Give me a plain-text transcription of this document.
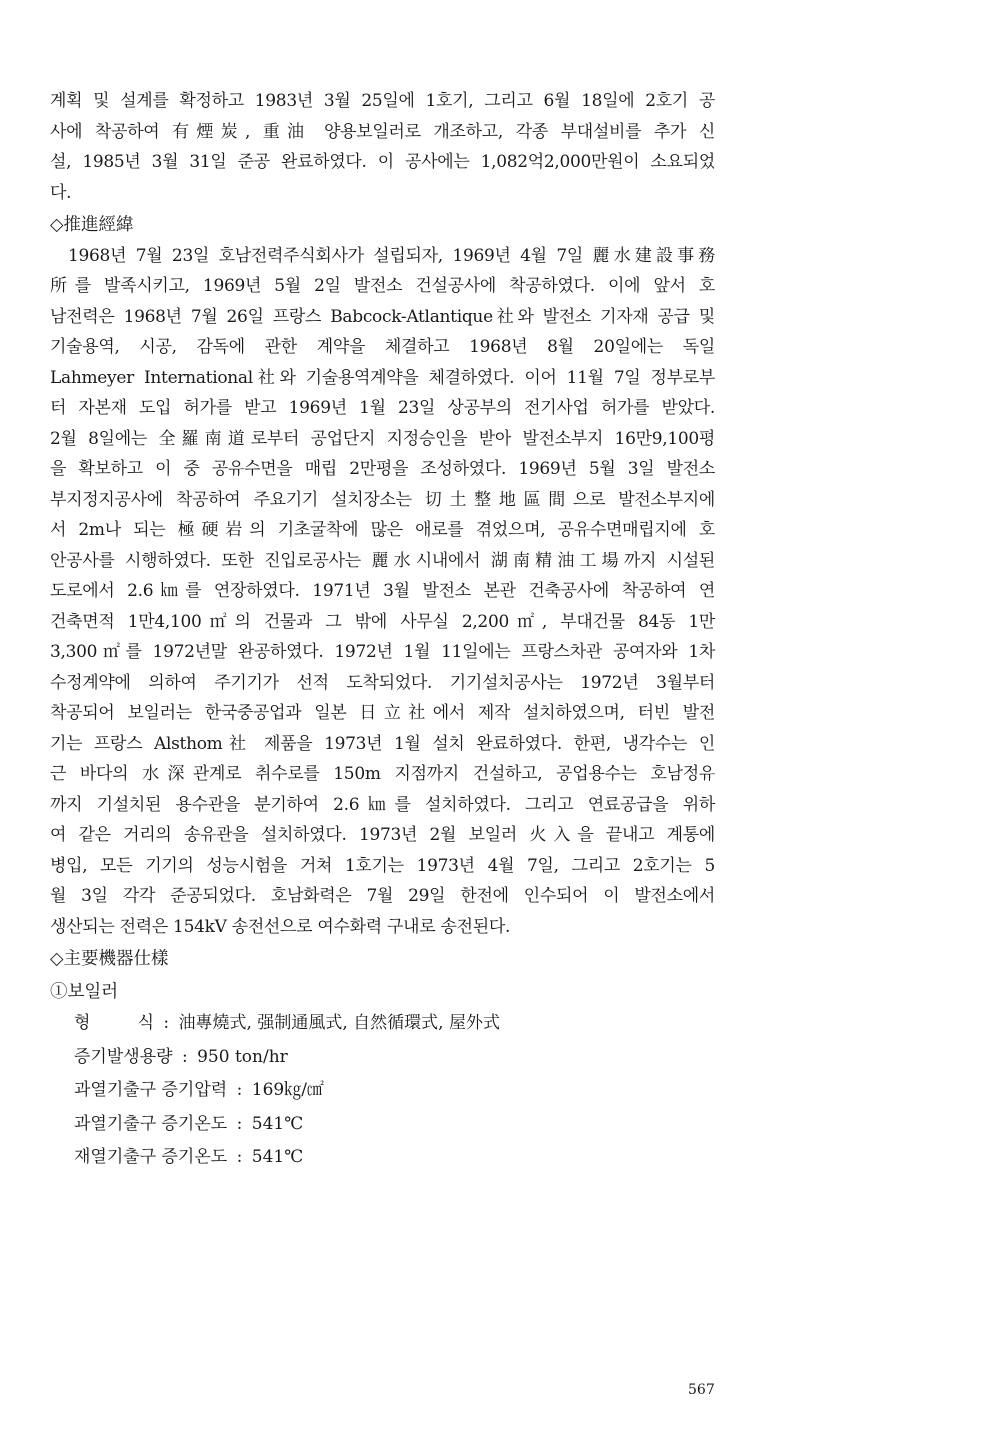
계획 및 설계를 확정하고 1983년 3월 25일에 1호기, 그리고 6월 18일에 2호기 공
사에 착공하여 有煙炭, 重油 양용보일러로 개조하고, 각종 부대설비를 추가 신
설, 1985년 3월 31일 준공 완료하였다. 이 공사에는 1,082억2,000만원이 소요되었
다.
◇推進經緯
1968년 7월 23일 호남전력주식회사가 설립되자, 1969년 4월 7일 麗水建設事務
所를 발족시키고, 1969년 5월 2일 발전소 건설공사에 착공하였다. 이에 앞서 호
남전력은 1968년 7월 26일 프랑스 Babcock-Atlantique社와 발전소 기자재 공급 및
기술용역, 시공, 감독에 관한 계약을 체결하고 1968년 8월 20일에는 독일
Lahmeyer International社와 기술용역계약을 체결하였다. 이어 11월 7일 정부로부
터 자본재 도입 허가를 받고 1969년 1월 23일 상공부의 전기사업 허가를 받았다.
2월 8일에는 全羅南道로부터 공업단지 지정승인을 받아 발전소부지 16만9,100평
을 확보하고 이 중 공유수면을 매립 2만평을 조성하였다. 1969년 5월 3일 발전소
부지정지공사에 착공하여 주요기기 설치장소는 切土整地區間으로 발전소부지에
서 2m나 되는 極硬岩의 기초굴착에 많은 애로를 겪었으며, 공유수면매립지에 호
안공사를 시행하였다. 또한 진입로공사는 麗水시내에서 湖南精油工場까지 시설된
도로에서 2.6㎞를 연장하였다. 1971년 3월 발전소 본관 건축공사에 착공하여 연
건축면적 1만4,100㎡의 건물과 그 밖에 사무실 2,200㎡, 부대건물 84동 1만
3,300㎡를 1972년말 완공하였다. 1972년 1월 11일에는 프랑스차관 공여자와 1차
수정계약에 의하여 주기기가 선적 도착되었다. 기기설치공사는 1972년 3월부터
착공되어 보일러는 한국중공업과 일본 日立社에서 제작 설치하였으며, 터빈 발전
기는 프랑스 Alsthom社 제품을 1973년 1월 설치 완료하였다. 한편, 냉각수는 인
근 바다의 水深관계로 취수로를 150m 지점까지 건설하고, 공업용수는 호남정유
까지 기설치된 용수관을 분기하여 2.6㎞를 설치하였다. 그리고 연료공급을 위하
여 같은 거리의 송유관을 설치하였다. 1973년 2월 보일러 火入을 끝내고 계통에
병입, 모든 기기의 성능시험을 거쳐 1호기는 1973년 4월 7일, 그리고 2호기는 5
월 3일 각각 준공되었다. 호남화력은 7월 29일 한전에 인수되어 이 발전소에서
생산되는 전력은 154kV 송전선으로 여수화력 구내로 송전된다.
◇主要機器仕樣
①보일러
형	식 : 油專燒式, 强制通風式, 自然循環式, 屋外式
증기발생용량 : 950 ton/hr
과열기출구 증기압력 : 169㎏/㎠
과열기출구 증기온도 : 541℃
재열기출구 증기온도 : 541℃
567
